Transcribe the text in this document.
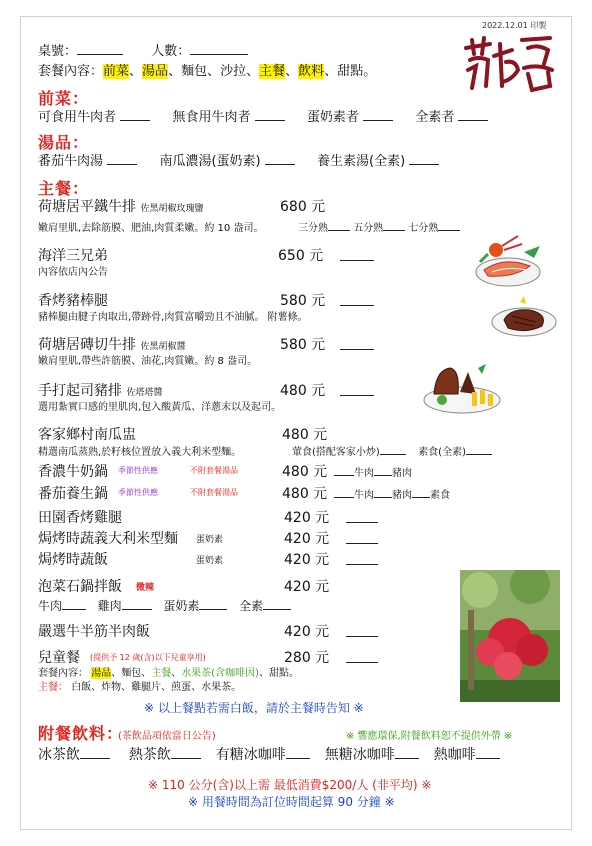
2022.12.01 印製
荷塘居
桌號：	人數：
套餐內容：前菜、湯品、麵包、沙拉、主餐、飲料、甜點。
前菜：
可食用牛肉者	無食用牛肉者	蛋奶素者	全素者
湯品：
番茄牛肉湯	南瓜濃湯(蛋奶素)	養生素湯(全素)
主餐：
荷塘居平鐵牛排 佐黑胡椒玫瑰鹽	680 元
嫩肩里肌,去除筋膜、肥油,肉質柔嫩。約 10 盎司。	三分熟	五分熟	七分熟
海洋三兄弟	650 元
內容依店內公告
香烤豬棒腿	580 元
豬棒腿由腱子肉取出,帶跡骨,肉質富嚼勁且不油膩。 附薯條。
荷塘居磚切牛排 佐黑胡椒醬	580 元
嫩肩里肌,帶些許筋膜、油花,肉質嫩。約 8 盎司。
手打起司豬排 佐塔塔醬	480 元
選用紮實口感的里肌肉,包入酸黃瓜、洋蔥末以及起司。
客家鄉村南瓜盅	480 元
精選南瓜蒸熟,於籽核位置放入義大利米型麵。	葷食(搭配客家小炒)	素食(全素)
香濃牛奶鍋 季節性供應	不附套餐湯品	480 元	牛肉 豬肉
番茄養生鍋 季節性供應	不附套餐湯品	480 元	牛肉 豬肉 素食
田園香烤雞腿	420 元
焗烤時蔬義大利米型麵 蛋奶素	420 元
焗烤時蔬飯	蛋奶素	420 元
泡菜石鍋拌飯 微辣	420 元
牛肉	雞肉	蛋奶素	全素
嚴選牛半筋半肉飯	420 元
兒童餐 (提供予 12 歲(含)以下兒童享用)	280 元
套餐內容： 湯品、麵包、主餐、水果茶(含咖啡因)、甜點。
主餐： 白飯、炸物、雞腿片、煎蛋、水果茶。
※ 以上餐點若需白飯，請於主餐時告知 ※
附餐飲料：
(茶飲品項依當日公告)	※ 響應環保,附餐飲料恕不提供外帶 ※
冰茶飲	熱茶飲	有糖冰咖啡	無糖冰咖啡	熱咖啡
※ 110 公分(含)以上需 最低消費$200/人 (非平均) ※
※ 用餐時間為訂位時間起算 90 分鐘 ※
